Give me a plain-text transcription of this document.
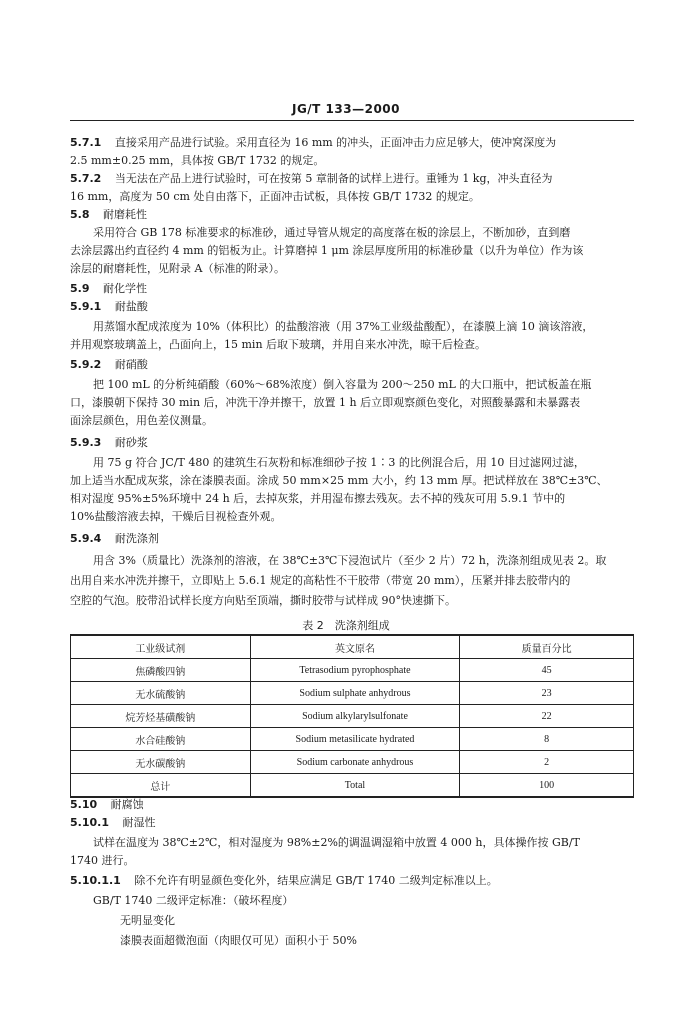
JG/T 133—2000
5.7.1 直接采用产品进行试验。采用直径为 16 mm 的冲头，正面冲击力应足够大，使冲窝深度为
2.5 mm±0.25 mm，具体按 GB/T 1732 的规定。
5.7.2 当无法在产品上进行试验时，可在按第 5 章制备的试样上进行。重锤为 1 kg，冲头直径为
16 mm，高度为 50 cm 处自由落下，正面冲击试板，具体按 GB/T 1732 的规定。
5.8 耐磨耗性
采用符合 GB 178 标准要求的标准砂，通过导管从规定的高度落在板的涂层上，不断加砂，直到磨
去涂层露出约直径约 4 mm 的铝板为止。计算磨掉 1 μm 涂层厚度所用的标准砂量（以升为单位）作为该
涂层的耐磨耗性，见附录 A（标准的附录）。
5.9 耐化学性
5.9.1 耐盐酸
用蒸馏水配成浓度为 10%（体积比）的盐酸溶液（用 37%工业级盐酸配），在漆膜上滴 10 滴该溶液，
并用观察玻璃盖上，凸面向上，15 min 后取下玻璃，并用自来水冲洗，晾干后检查。
5.9.2 耐硝酸
把 100 mL 的分析纯硝酸（60%～68%浓度）倒入容量为 200～250 mL 的大口瓶中，把试板盖在瓶
口，漆膜朝下保持 30 min 后，冲洗干净并擦干，放置 1 h 后立即观察颜色变化，对照酸暴露和未暴露表
面涂层颜色，用色差仪测量。
5.9.3 耐砂浆
用 75 g 符合 JC/T 480 的建筑生石灰粉和标准细砂子按 1∶3 的比例混合后，用 10 目过滤网过滤，
加上适当水配成灰浆，涂在漆膜表面。涂成 50 mm×25 mm 大小，约 13 mm 厚。把试样放在 38℃±3℃、
相对湿度 95%±5%环境中 24 h 后，去掉灰浆，并用湿布擦去残灰。去不掉的残灰可用 5.9.1 节中的
10%盐酸溶液去掉，干燥后目视检查外观。
5.9.4 耐洗涤剂
用含 3%（质量比）洗涤剂的溶液，在 38℃±3℃下浸泡试片（至少 2 片）72 h，洗涤剂组成见表 2。取
出用自来水冲洗并擦干，立即贴上 5.6.1 规定的高粘性不干胶带（带宽 20 mm），压紧并排去胶带内的
空腔的气泡。胶带沿试样长度方向贴至顶端，撕时胶带与试样成 90°快速撕下。
表 2　洗涤剂组成
工业级试剂	英文原名	质量百分比
焦磷酸四钠	Tetrasodium pyrophosphate	45
无水硫酸钠	Sodium sulphate anhydrous	23
烷芳烃基磺酸钠	Sodium alkylarylsulfonate	22
水合硅酸钠	Sodium metasilicate hydrated	8
无水碳酸钠	Sodium carbonate anhydrous	2
总计	Total	100
5.10 耐腐蚀
5.10.1 耐湿性
试样在温度为 38℃±2℃，相对湿度为 98%±2%的调温调湿箱中放置 4 000 h，具体操作按 GB/T
1740 进行。
5.10.1.1 除不允许有明显颜色变化外，结果应满足 GB/T 1740 二级判定标准以上。
GB/T 1740 二级评定标准：（破坏程度）
无明显变化
漆膜表面超微泡面（肉眼仅可见）面积小于 50%
